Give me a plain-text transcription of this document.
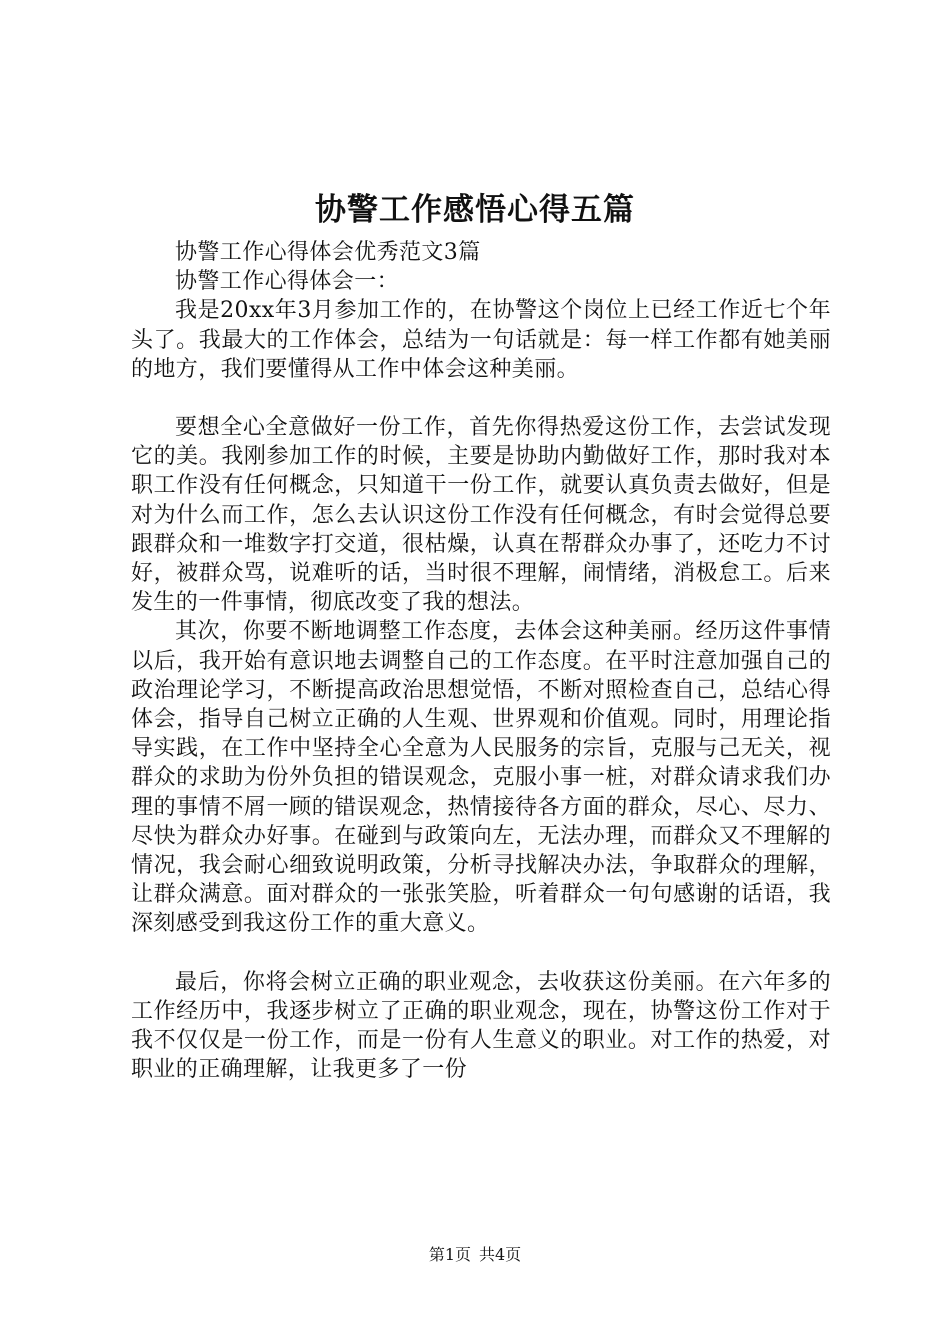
协警工作感悟心得五篇

协警工作心得体会优秀范文3篇

协警工作心得体会一：

我是20xx年3月参加工作的，在协警这个岗位上已经工作近七个年头了。我最大的工作体会，总结为一句话就是：每一样工作都有她美丽的地方，我们要懂得从工作中体会这种美丽。

要想全心全意做好一份工作，首先你得热爱这份工作，去尝试发现它的美。我刚参加工作的时候，主要是协助内勤做好工作，那时我对本职工作没有任何概念，只知道干一份工作，就要认真负责去做好，但是对为什么而工作，怎么去认识这份工作没有任何概念，有时会觉得总要跟群众和一堆数字打交道，很枯燥，认真在帮群众办事了，还吃力不讨好，被群众骂，说难听的话，当时很不理解，闹情绪，消极怠工。后来发生的一件事情，彻底改变了我的想法。

其次，你要不断地调整工作态度，去体会这种美丽。经历这件事情以后，我开始有意识地去调整自己的工作态度。在平时注意加强自己的政治理论学习，不断提高政治思想觉悟，不断对照检查自己，总结心得体会，指导自己树立正确的人生观、世界观和价值观。同时，用理论指导实践，在工作中坚持全心全意为人民服务的宗旨，克服与己无关，视群众的求助为份外负担的错误观念，克服小事一桩，对群众请求我们办理的事情不屑一顾的错误观念，热情接待各方面的群众，尽心、尽力、尽快为群众办好事。在碰到与政策向左，无法办理，而群众又不理解的情况，我会耐心细致说明政策，分析寻找解决办法，争取群众的理解，让群众满意。面对群众的一张张笑脸，听着群众一句句感谢的话语，我深刻感受到我这份工作的重大意义。

最后，你将会树立正确的职业观念，去收获这份美丽。在六年多的工作经历中，我逐步树立了正确的职业观念，现在，协警这份工作对于我不仅仅是一份工作，而是一份有人生意义的职业。对工作的热爱，对职业的正确理解，让我更多了一份

第1页 共4页
